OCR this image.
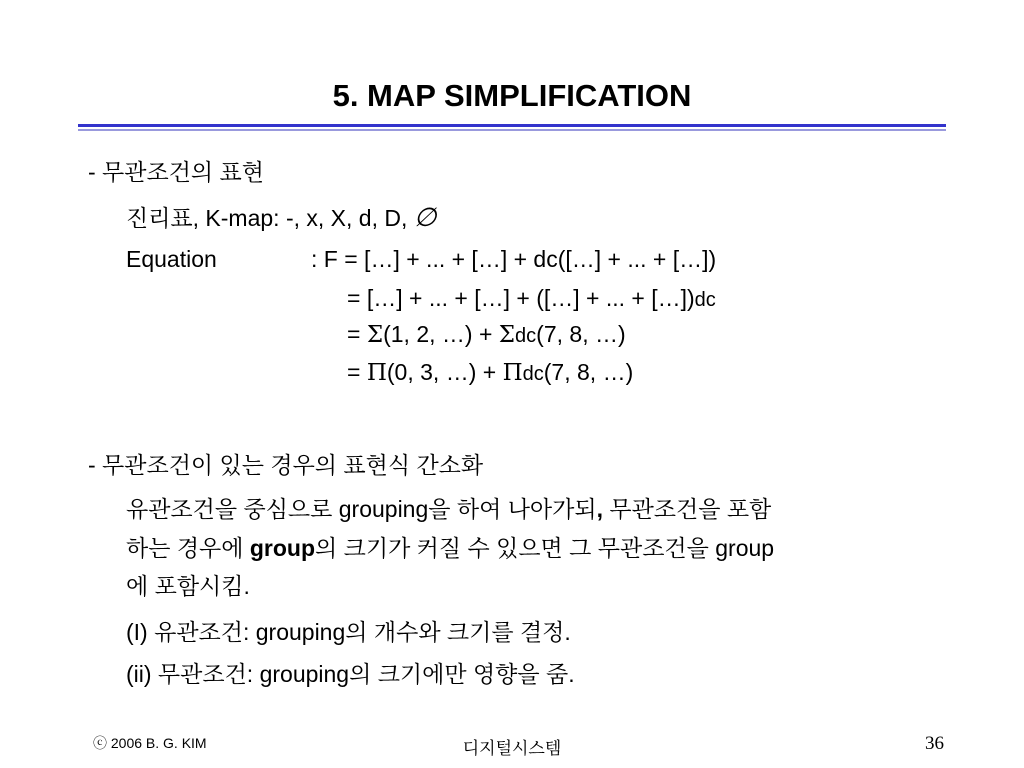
5. MAP SIMPLIFICATION
- 무관조건의 표현
진리표, K-map: -, x, X, d, D, ∅
Equation	: F = […] + ... + […] + dc([…] + ... + […])
= […] + ... + […] + ([…] + ... + […])dc
= Σ(1, 2, …) + Σdc(7, 8, …)
= Π(0, 3, …) + Πdc(7, 8, …)
- 무관조건이 있는 경우의 표현식 간소화
유관조건을 중심으로 grouping을 하여 나아가되, 무관조건을 포함
하는 경우에 group의 크기가 커질 수 있으면 그 무관조건을 group
에 포함시킴.
(I) 유관조건: grouping의 개수와 크기를 결정.
(ii) 무관조건: grouping의 크기에만 영향을 줌.
ⓒ 2006 B. G. KIM	디지털시스템	36
